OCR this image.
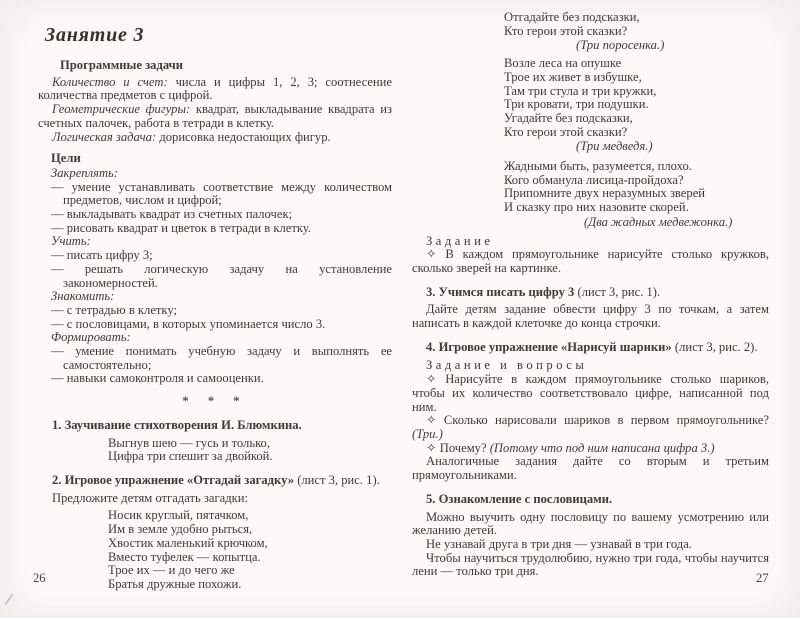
Занятие 3
Программные задачи

Количество и счет: числа и цифры 1, 2, 3; соотнесение количества предметов с цифрой.

Геометрические фигуры: квадрат, выкладывание квадрата из счетных палочек, работа в тетради в клетку.

Логическая задача: дорисовка недостающих фигур.

Цели

Закреплять:

— умение устанавливать соответствие между количеством предметов, числом и цифрой;

— выкладывать квадрат из счетных палочек;

— рисовать квадрат и цветок в тетради в клетку.

Учить:

— писать цифру 3;

— решать логическую задачу на установление закономерностей.

Знакомить:

— с тетрадью в клетку;

— с пословицами, в которых упоминается число 3.

Формировать:

— умение понимать учебную задачу и выполнять ее самостоятельно;

— навыки самоконтроля и самооценки.

* * *
1. Заучивание стихотворения И. Блюмкина.
Выгнув шею — гусь и только,
Цифра три спешит за двойкой.
2. Игровое упражнение «Отгадай загадку» (лист 3, рис. 1).

Предложите детям отгадать загадки:

Носик круглый, пятачком,
Им в земле удобно рыться,
Хвостик маленький крючком,
Вместо туфелек — копытца.
Трое их — и до чего же
Братья дружные похожи.
Отгадайте без подсказки,
Кто герои этой сказки?
(Три поросенка.)
Возле леса на опушке
Трое их живет в избушке,
Там три стула и три кружки,
Три кровати, три подушки.
Угадайте без подсказки,
Кто герои этой сказки?
(Три медведя.)
Жадными быть, разумеется, плохо.
Кого обманула лисица-пройдоха?
Припомните двух неразумных зверей
И сказку про них назовите скорей.
(Два жадных медвежонка.)
Задание

✧ В каждом прямоугольнике нарисуйте столько кружков, сколько зверей на картинке.

3. Учимся писать цифру 3 (лист 3, рис. 1).

Дайте детям задание обвести цифру 3 по точкам, а затем написать в каждой клеточке до конца строчки.

4. Игровое упражнение «Нарисуй шарики» (лист 3, рис. 2).
Задание и вопросы

✧ Нарисуйте в каждом прямоугольнике столько шариков, чтобы их количество соответствовало цифре, написанной под ним.

✧ Сколько нарисовали шариков в первом прямоугольнике? (Три.)

✧ Почему? (Потому что под ним написана цифра 3.)

Аналогичные задания дайте со вторым и третьим прямоугольниками.

5. Ознакомление с пословицами.

Можно выучить одну пословицу по вашему усмотрению или желанию детей.

Не узнавай друга в три дня — узнавай в три года.

Чтобы научиться трудолюбию, нужно три года, чтобы научится лени — только три дня.

26	27
